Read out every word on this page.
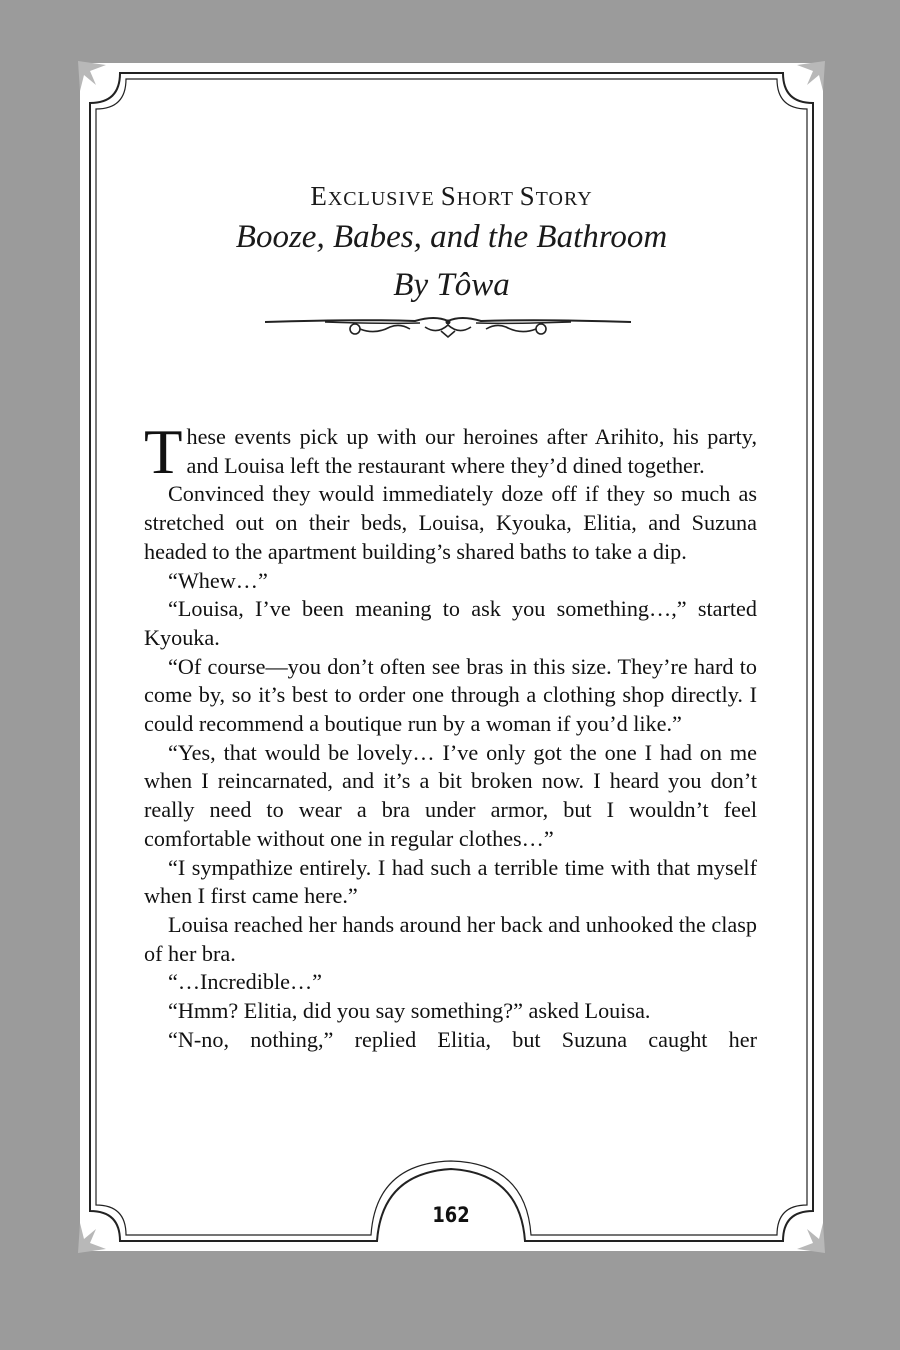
EXCLUSIVE SHORT STORY
Booze, Babes, and the Bathroom
By Tôwa

These events pick up with our heroines after Arihito, his party, and Louisa left the restaurant where they’d dined together.

Convinced they would immediately doze off if they so much as stretched out on their beds, Louisa, Kyouka, Elitia, and Suzuna headed to the apartment building’s shared baths to take a dip.

“Whew…”

“Louisa, I’ve been meaning to ask you something…,” started Kyouka.

“Of course—you don’t often see bras in this size. They’re hard to come by, so it’s best to order one through a clothing shop directly. I could recommend a boutique run by a woman if you’d like.”

“Yes, that would be lovely… I’ve only got the one I had on me when I reincarnated, and it’s a bit broken now. I heard you don’t really need to wear a bra under armor, but I wouldn’t feel comfortable without one in regular clothes…”

“I sympathize entirely. I had such a terrible time with that myself when I first came here.”

Louisa reached her hands around her back and unhooked the clasp of her bra.

“…Incredible…”

“Hmm? Elitia, did you say something?” asked Louisa.

“N-no, nothing,” replied Elitia, but Suzuna caught her

162
